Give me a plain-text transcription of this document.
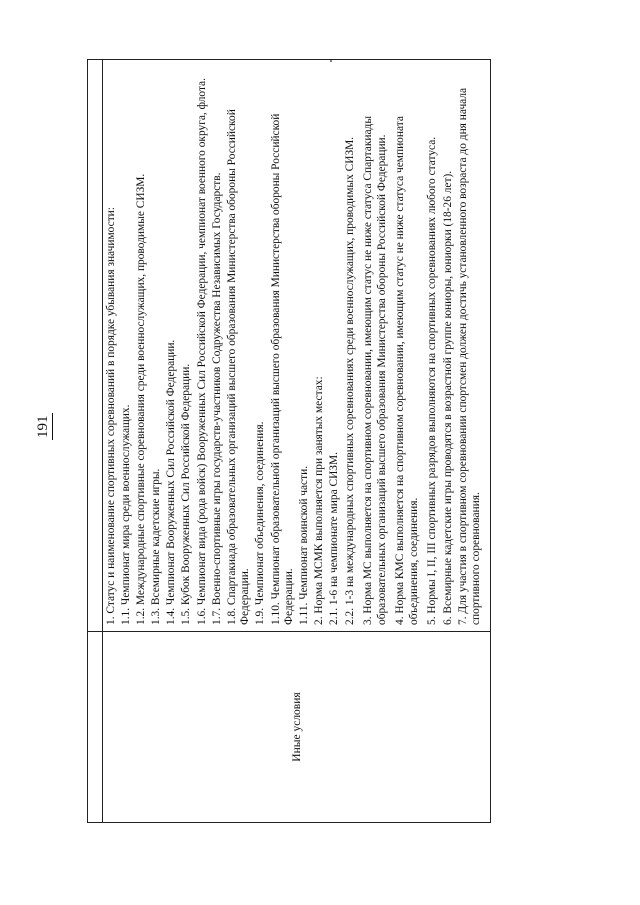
191
Иные условия

1. Статус и наименование спортивных соревнований в порядке убывания значимости: 1.1. Чемпионат мира среди военнослужащих. 1.2. Международные спортивные соревнования среди военнослужащих, проводимые СИЗМ. 1.3. Всемирные кадетские игры. 1.4. Чемпионат Вооруженных Сил Российской Федерации. 1.5. Кубок Вооруженных Сил Российской Федерации. 1.6. Чемпионат вида (рода войск) Вооруженных Сил Российской Федерации, чемпионат военного округа, флота. 1.7. Военно-спортивные игры государств-участников Содружества Независимых Государств. 1.8. Спартакиада образовательных организаций высшего образования Министерства обороны Российской Федерации. 1.9. Чемпионат объединения, соединения. 1.10. Чемпионат образовательной организаций высшего образования Министерства обороны Российской Федерации. 1.11. Чемпионат воинской части. 2. Норма МСМК выполняется при занятых местах: 2.1. 1-6 на чемпионате мира СИЗМ. 2.2. 1-3 на международных спортивных соревнованиях среди военнослужащих, проводимых СИЗМ. 3. Норма МС выполняется на спортивном соревновании, имеющим статус не ниже статуса Спартакиады образовательных организаций высшего образования Министерства обороны Российской Федерации. 4. Норма КМС выполняется на спортивном соревновании, имеющим статус не ниже статуса чемпионата объединения, соединения. 5. Нормы I, II, III спортивных разрядов выполняются на спортивных соревнованиях любого статуса. 6. Всемирные кадетские игры проводятся в возрастной группе юниоры, юниорки (18-26 лет). 7. Для участия в спортивном соревновании спортсмен должен достичь установленного возраста до дня начала спортивного соревнования.
